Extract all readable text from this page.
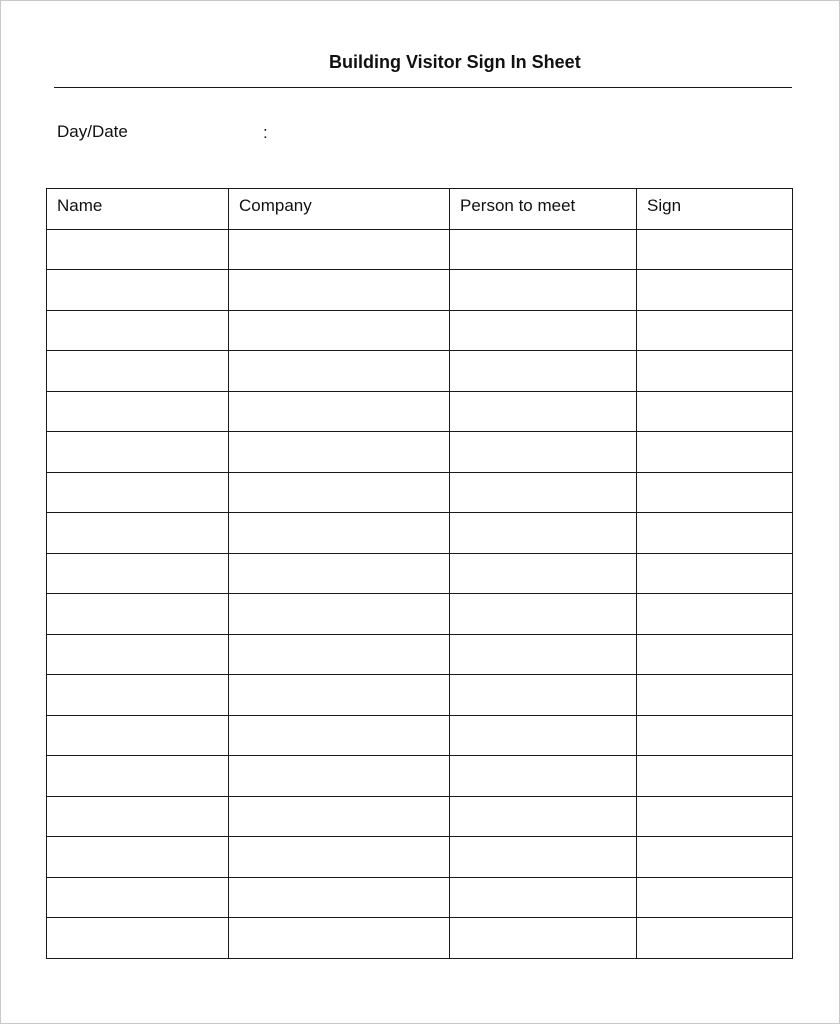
Building Visitor Sign In Sheet
Day/Date	:
Name	Company	Person to meet	Sign
